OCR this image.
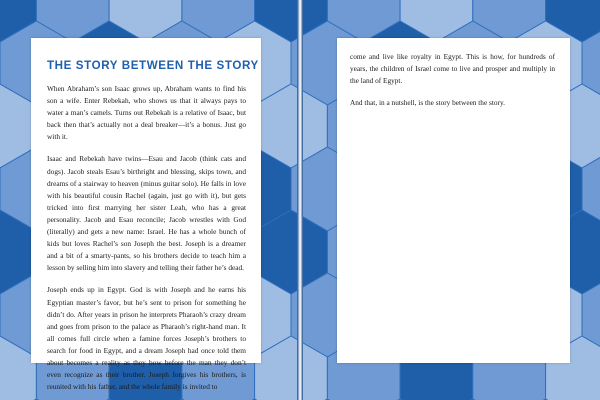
THE STORY BETWEEN THE STORY

When Abraham’s son Isaac grows up, Abraham wants to find his son a wife. Enter Rebekah, who shows us that it always pays to water a man’s camels. Turns out Rebekah is a relative of Isaac, but back then that’s actually not a deal breaker—it’s a bonus. Just go with it.

Isaac and Rebekah have twins—Esau and Jacob (think cats and dogs). Jacob steals Esau’s birthright and blessing, skips town, and dreams of a stairway to heaven (minus guitar solo). He falls in love with his beautiful cousin Rachel (again, just go with it), but gets tricked into first marrying her sister Leah, who has a great personality. Jacob and Esau reconcile; Jacob wrestles with God (literally) and gets a new name: Israel. He has a whole bunch of kids but loves Rachel’s son Joseph the best. Joseph is a dreamer and a bit of a smarty-pants, so his brothers decide to teach him a lesson by selling him into slavery and telling their father he’s dead.

Joseph ends up in Egypt. God is with Joseph and he earns his Egyptian master’s favor, but he’s sent to prison for something he didn’t do. After years in prison he interprets Pharaoh’s crazy dream and goes from prison to the palace as Pharaoh’s right-hand man. It all comes full circle when a famine forces Joseph’s brothers to search for food in Egypt, and a dream Joseph had once told them about becomes a reality as they bow before the man they don’t even recognize as their brother. Joseph forgives his brothers, is reunited with his father, and the whole family is invited to

come and live like royalty in Egypt. This is how, for hundreds of years, the children of Israel come to live and prosper and multiply in the land of Egypt.

And that, in a nutshell, is the story between the story.
